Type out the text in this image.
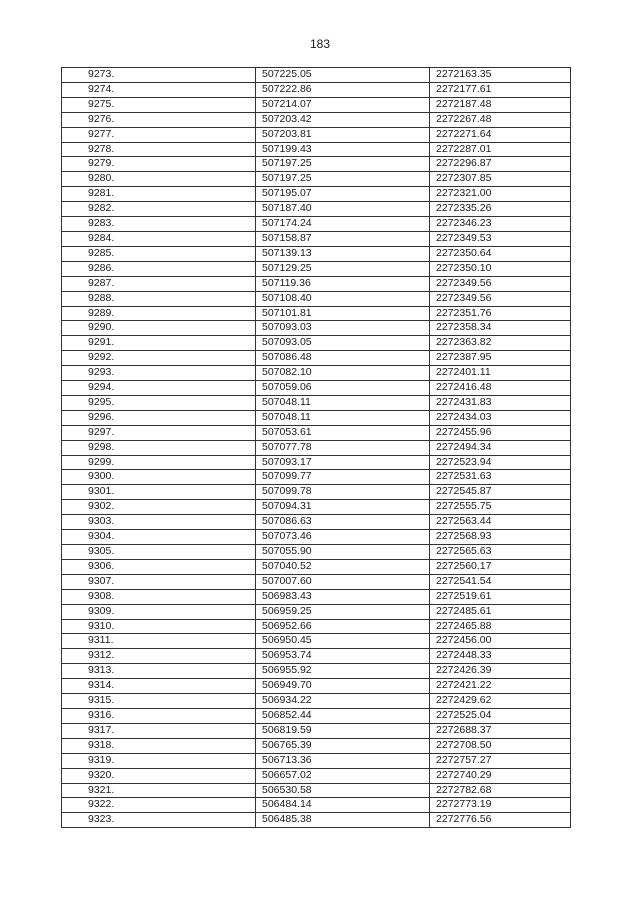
183
9273.	507225.05	2272163.35
9274.	507222.86	2272177.61
9275.	507214.07	2272187.48
9276.	507203.42	2272267.48
9277.	507203.81	2272271.64
9278.	507199.43	2272287.01
9279.	507197.25	2272296.87
9280.	507197.25	2272307.85
9281.	507195.07	2272321.00
9282.	507187.40	2272335.26
9283.	507174.24	2272346.23
9284.	507158.87	2272349.53
9285.	507139.13	2272350.64
9286.	507129.25	2272350.10
9287.	507119.36	2272349.56
9288.	507108.40	2272349.56
9289.	507101.81	2272351.76
9290.	507093.03	2272358.34
9291.	507093.05	2272363.82
9292.	507086.48	2272387.95
9293.	507082.10	2272401.11
9294.	507059.06	2272416.48
9295.	507048.11	2272431.83
9296.	507048.11	2272434.03
9297.	507053.61	2272455.96
9298.	507077.78	2272494.34
9299.	507093.17	2272523.94
9300.	507099.77	2272531.63
9301.	507099.78	2272545.87
9302.	507094.31	2272555.75
9303.	507086.63	2272563.44
9304.	507073.46	2272568.93
9305.	507055.90	2272565.63
9306.	507040.52	2272560.17
9307.	507007.60	2272541.54
9308.	506983.43	2272519.61
9309.	506959.25	2272485.61
9310.	506952.66	2272465.88
9311.	506950.45	2272456.00
9312.	506953.74	2272448.33
9313.	506955.92	2272426.39
9314.	506949.70	2272421.22
9315.	506934.22	2272429.62
9316.	506852.44	2272525.04
9317.	506819.59	2272688.37
9318.	506765.39	2272708.50
9319.	506713.36	2272757.27
9320.	506657.02	2272740.29
9321.	506530.58	2272782.68
9322.	506484.14	2272773.19
9323.	506485.38	2272776.56
